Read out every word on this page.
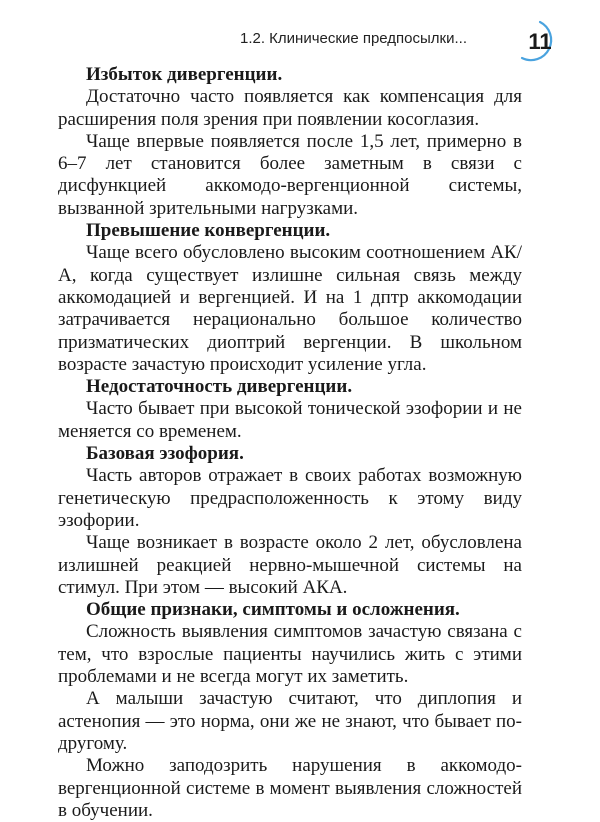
1.2. Клинические предпосылки...	11

Избыток дивергенции.

Достаточно часто появляется как компенсация для расширения поля зрения при появлении косоглазия.

Чаще впервые появляется после 1,5 лет, примерно в 6–7 лет становится более заметным в связи с дисфункцией аккомодо-вергенционной системы, вызванной зрительными нагрузками.

Превышение конвергенции.

Чаще всего обусловлено высоким соотношением АК/А, когда существует излишне сильная связь между аккомодацией и вергенцией. И на 1 дптр аккомодации затрачивается нерационально большое количество призматических диоптрий вергенции. В школьном возрасте зачастую происходит усиление угла.

Недостаточность дивергенции.

Часто бывает при высокой тонической эзофории и не меняется со временем.

Базовая эзофория.

Часть авторов отражает в своих работах возможную генетическую предрасположенность к этому виду эзофории.

Чаще возникает в возрасте около 2 лет, обусловлена излишней реакцией нервно-мышечной системы на стимул. При этом — высокий АКА.

Общие признаки, симптомы и осложнения.

Сложность выявления симптомов зачастую связана с тем, что взрослые пациенты научились жить с этими проблемами и не всегда могут их заметить.

А малыши зачастую считают, что диплопия и астенопия — это норма, они же не знают, что бывает по-другому.

Можно заподозрить нарушения в аккомодо-вергенционной системе в момент выявления сложностей в обучении.
